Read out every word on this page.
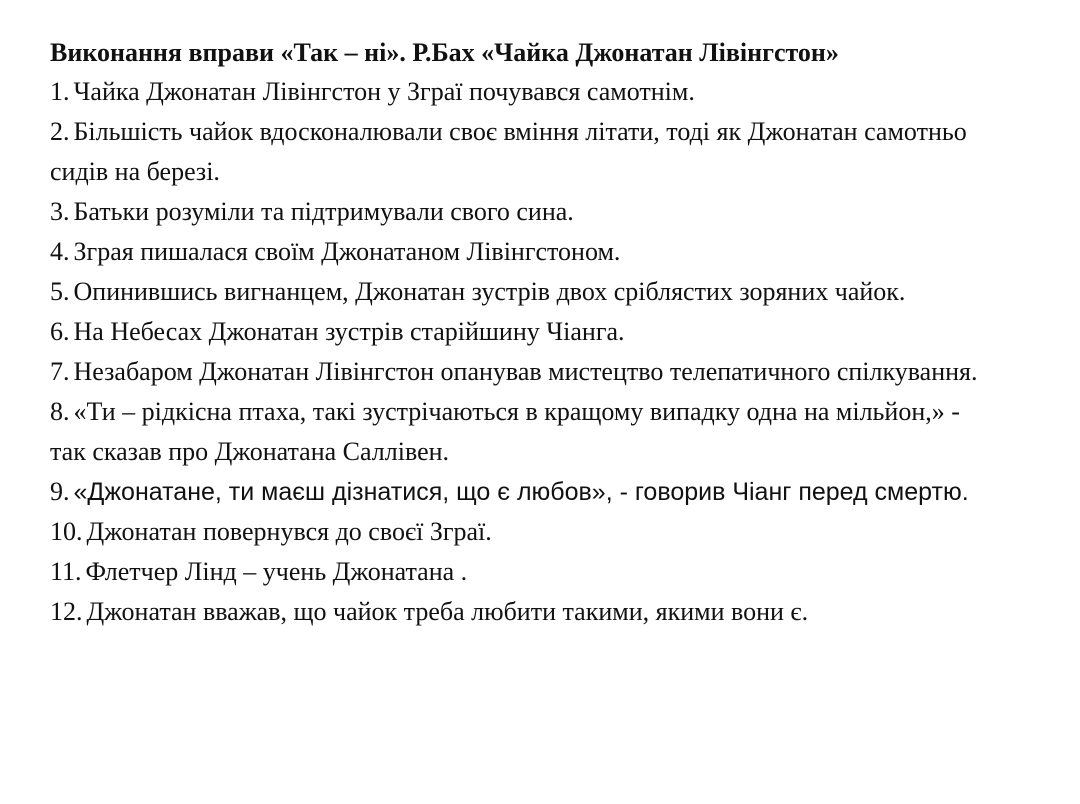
Виконання вправи «Так – ні». Р.Бах «Чайка Джонатан Лівінгстон»

1. Чайка Джонатан Лівінгстон у Зграї почувався самотнім.

2. Більшість чайок вдосконалювали своє вміння літати, тоді як Джонатан самотньо сидів на березі.

3. Батьки розуміли та підтримували свого сина.

4. Зграя пишалася своїм Джонатаном Лівінгстоном.

5. Опинившись вигнанцем, Джонатан зустрів двох сріблястих зоряних чайок.

6. На Небесах Джонатан зустрів старійшину Чіанга.

7. Незабаром Джонатан Лівінгстон опанував мистецтво телепатичного спілкування.

8. «Ти – рідкісна птаха, такі зустрічаються в кращому випадку одна на мільйон,» - так сказав про Джонатана Саллівен.

9. «Джонатане, ти маєш дізнатися, що є любов», - говорив Чіанг перед смертю.

10. Джонатан повернувся до своєї Зграї.

11. Флетчер Лінд – учень Джонатана .

12. Джонатан вважав, що чайок треба любити такими, якими вони є.
